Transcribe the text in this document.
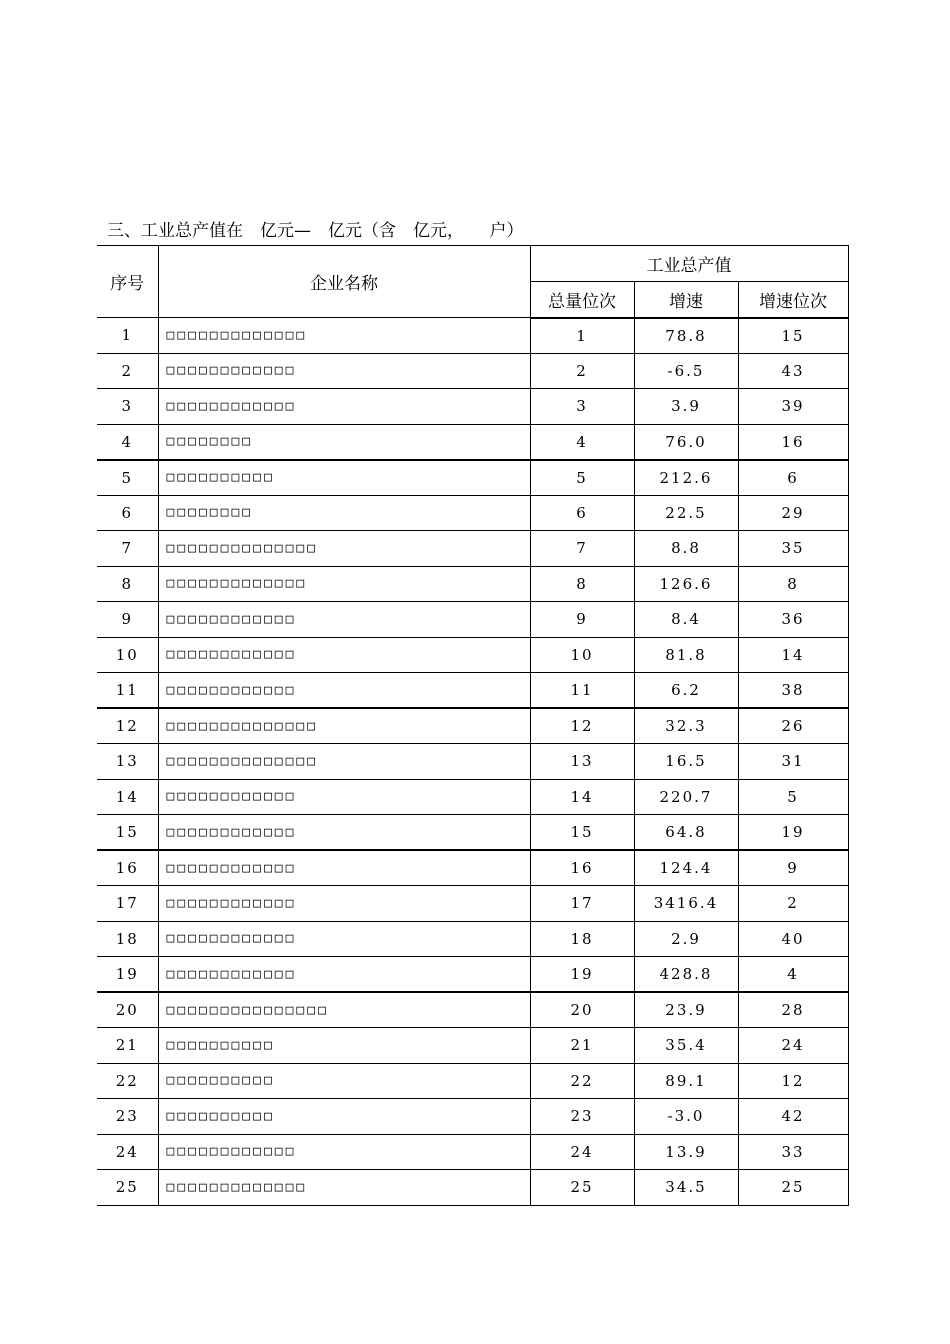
三、工业总产值在　亿元—　亿元（含　亿元，　　户）
序号	企业名称	工业总产值		
		总量位次	增速	增速位次
1	□□□□□□□□□□□□□	1	78.8	15
2	□□□□□□□□□□□□	2	-6.5	43
3	□□□□□□□□□□□□	3	3.9	39
4	□□□□□□□□	4	76.0	16
5	□□□□□□□□□□	5	212.6	6
6	□□□□□□□□	6	22.5	29
7	□□□□□□□□□□□□□□	7	8.8	35
8	□□□□□□□□□□□□□	8	126.6	8
9	□□□□□□□□□□□□	9	8.4	36
10	□□□□□□□□□□□□	10	81.8	14
11	□□□□□□□□□□□□	11	6.2	38
12	□□□□□□□□□□□□□□	12	32.3	26
13	□□□□□□□□□□□□□□	13	16.5	31
14	□□□□□□□□□□□□	14	220.7	5
15	□□□□□□□□□□□□	15	64.8	19
16	□□□□□□□□□□□□	16	124.4	9
17	□□□□□□□□□□□□	17	3416.4	2
18	□□□□□□□□□□□□	18	2.9	40
19	□□□□□□□□□□□□	19	428.8	4
20	□□□□□□□□□□□□□□□	20	23.9	28
21	□□□□□□□□□□	21	35.4	24
22	□□□□□□□□□□	22	89.1	12
23	□□□□□□□□□□	23	-3.0	42
24	□□□□□□□□□□□□	24	13.9	33
25	□□□□□□□□□□□□□	25	34.5	25
